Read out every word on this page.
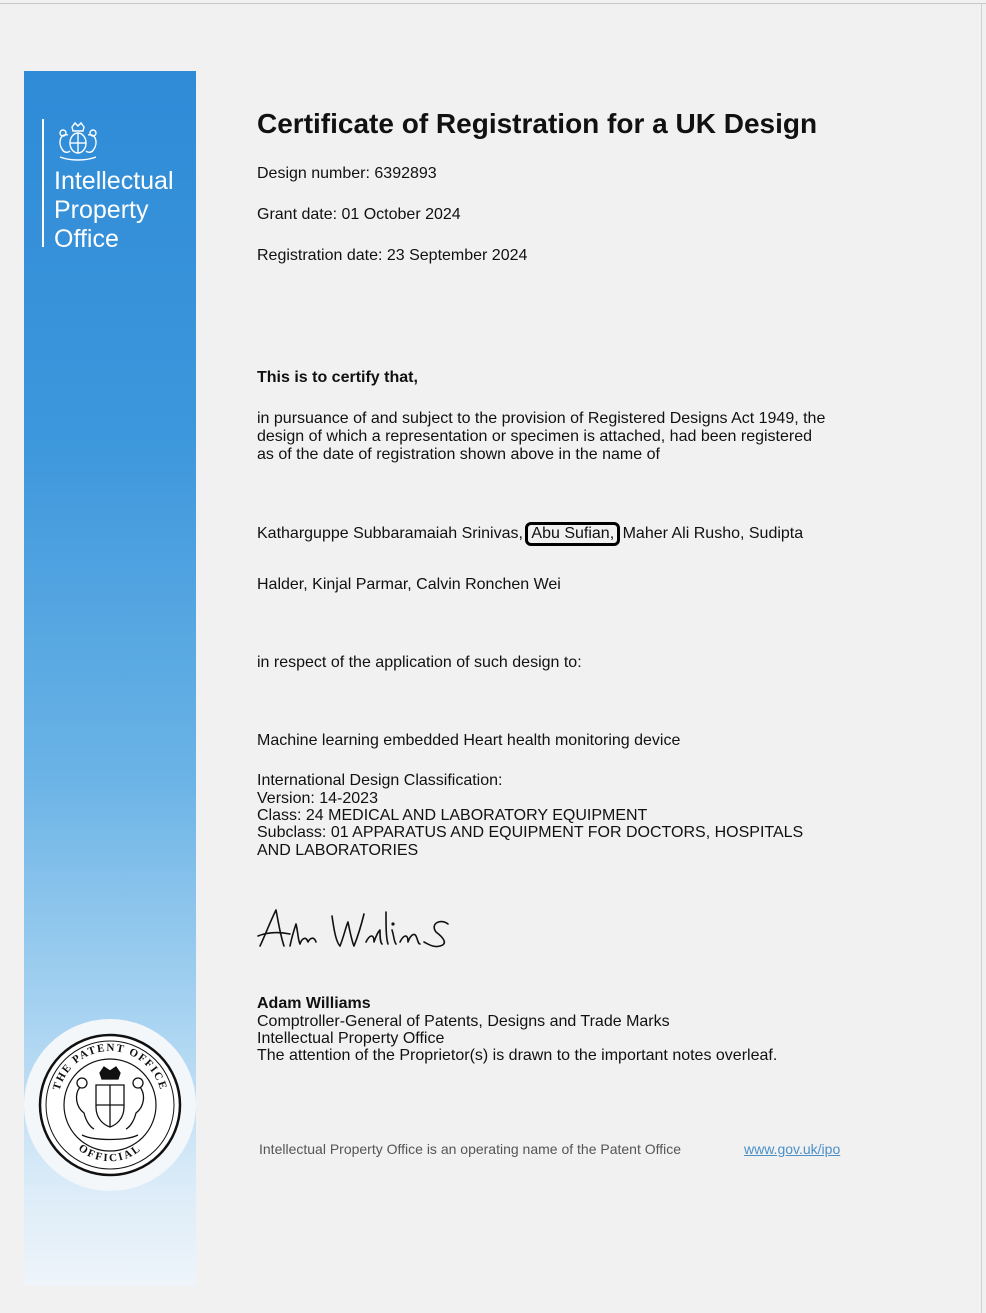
Intellectual
Property
Office
THE PATENT OFFICE
OFFICIAL
Certificate of Registration for a UK Design
Design number: 6392893
Grant date: 01 October 2024
Registration date: 23 September 2024
This is to certify that,
in pursuance of and subject to the provision of Registered Designs Act 1949, the
design of which a representation or specimen is attached, had been registered
as of the date of registration shown above in the name of
Katharguppe Subbaramaiah Srinivas, Abu Sufian, Maher Ali Rusho, Sudipta
Halder, Kinjal Parmar, Calvin Ronchen Wei
in respect of the application of such design to:
Machine learning embedded Heart health monitoring device
International Design Classification:
Version: 14-2023
Class: 24 MEDICAL AND LABORATORY EQUIPMENT
Subclass: 01 APPARATUS AND EQUIPMENT FOR DOCTORS, HOSPITALS
AND LABORATORIES
Adam Williams
Comptroller-General of Patents, Designs and Trade Marks
Intellectual Property Office
The attention of the Proprietor(s) is drawn to the important notes overleaf.
Intellectual Property Office is an operating name of the Patent Office	www.gov.uk/ipo
